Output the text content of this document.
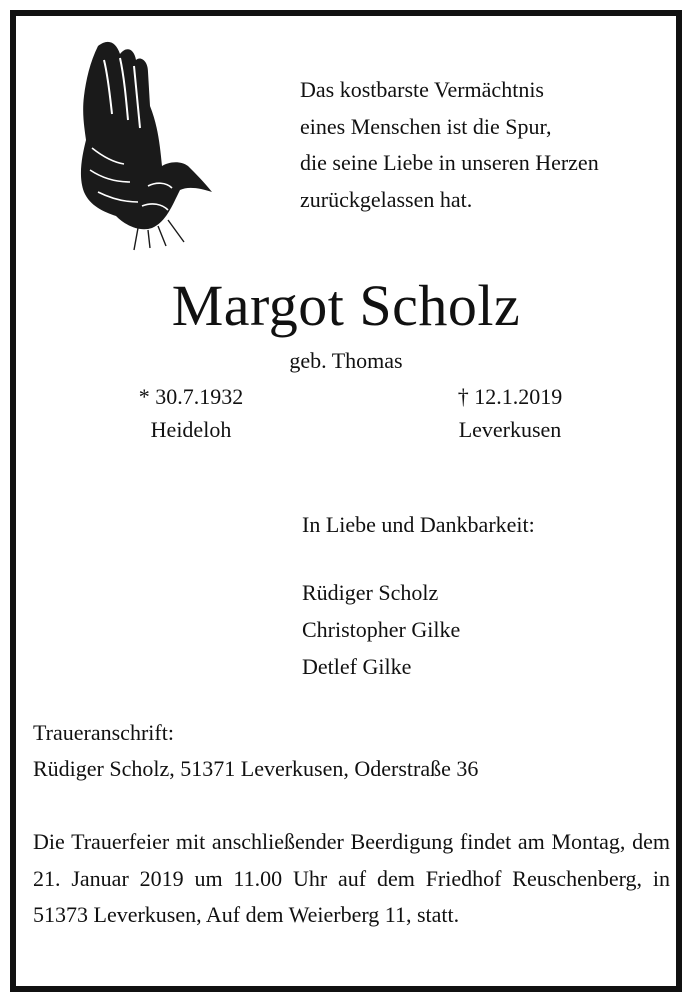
Das kostbarste Vermächtnis
eines Menschen ist die Spur,
die seine Liebe in unseren Herzen
zurückgelassen hat.
Margot Scholz
geb. Thomas
* 30.7.1932
Heideloh
† 12.1.2019
Leverkusen
In Liebe und Dankbarkeit:
Rüdiger Scholz
Christopher Gilke
Detlef Gilke
Traueranschrift:
Rüdiger Scholz, 51371 Leverkusen, Oderstraße 36
Die Trauerfeier mit anschließender Beerdigung findet am Montag, dem 21. Januar 2019 um 11.00 Uhr auf dem Friedhof Reuschenberg, in 51373 Leverkusen, Auf dem Weierberg 11, statt.
